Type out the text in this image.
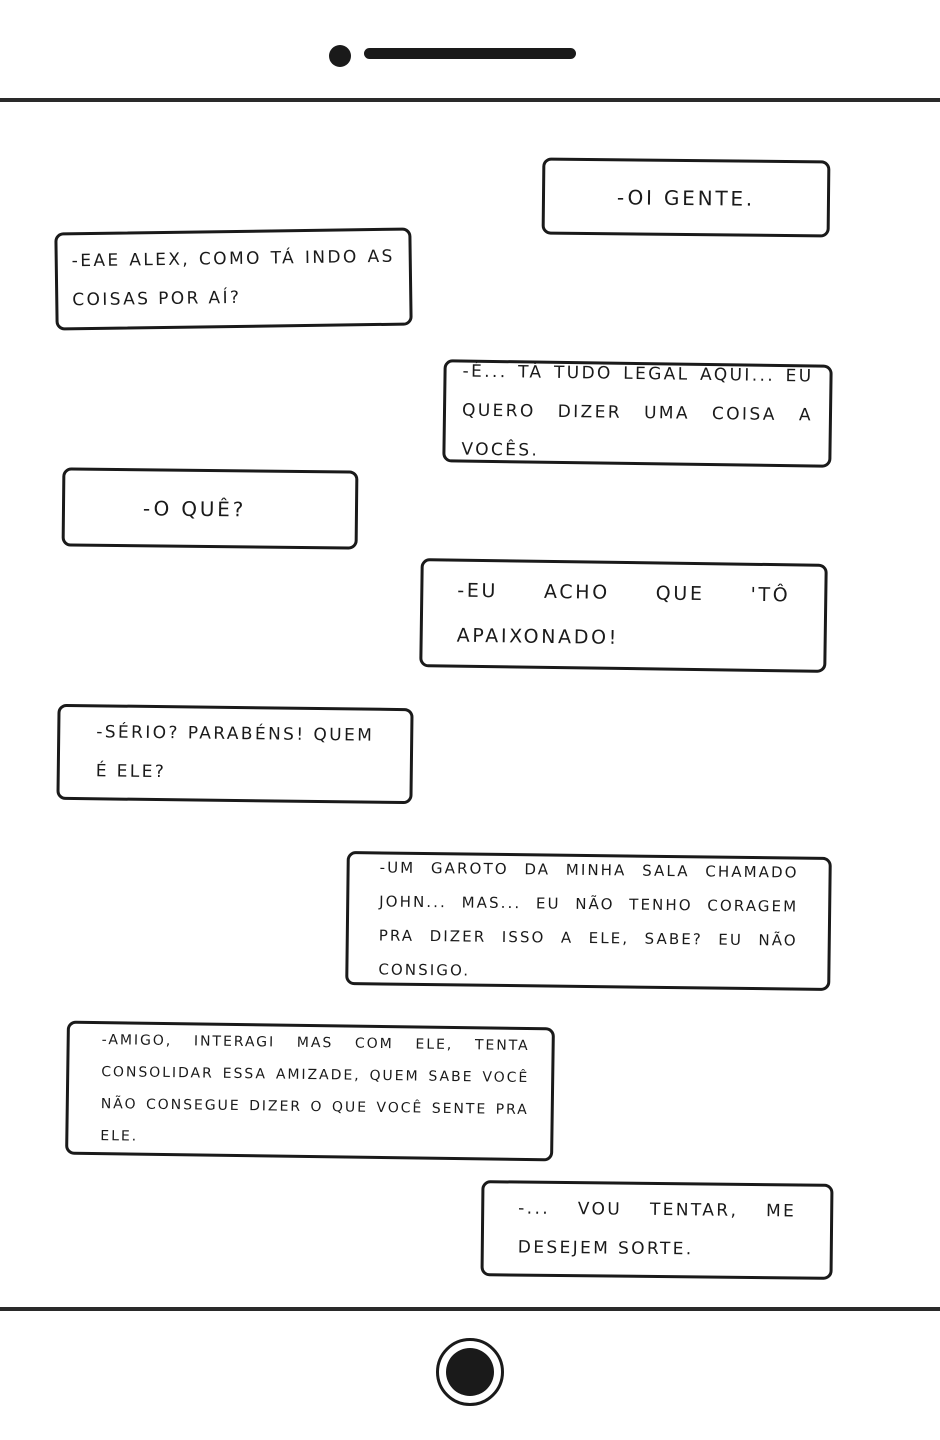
-OI GENTE.
-EAE ALEX, COMO TÁ INDO AS COISAS POR AÍ?
-É... TÁ TUDO LEGAL AQUI... EU QUERO DIZER UMA COISA A VOCÊS.
-O QUÊ?
-EU ACHO QUE 'TÔ APAIXONADO!
-SÉRIO? PARABÉNS! QUEM É ELE?
-UM GAROTO DA MINHA SALA CHAMADO JOHN... MAS... EU NÃO TENHO CORAGEM PRA DIZER ISSO A ELE, SABE? EU NÃO CONSIGO.
-AMIGO, INTERAGI MAS COM ELE, TENTA CONSOLIDAR ESSA AMIZADE, QUEM SABE VOCÊ NÃO CONSEGUE DIZER O QUE VOCÊ SENTE PRA ELE.
-... VOU TENTAR, ME DESEJEM SORTE.
